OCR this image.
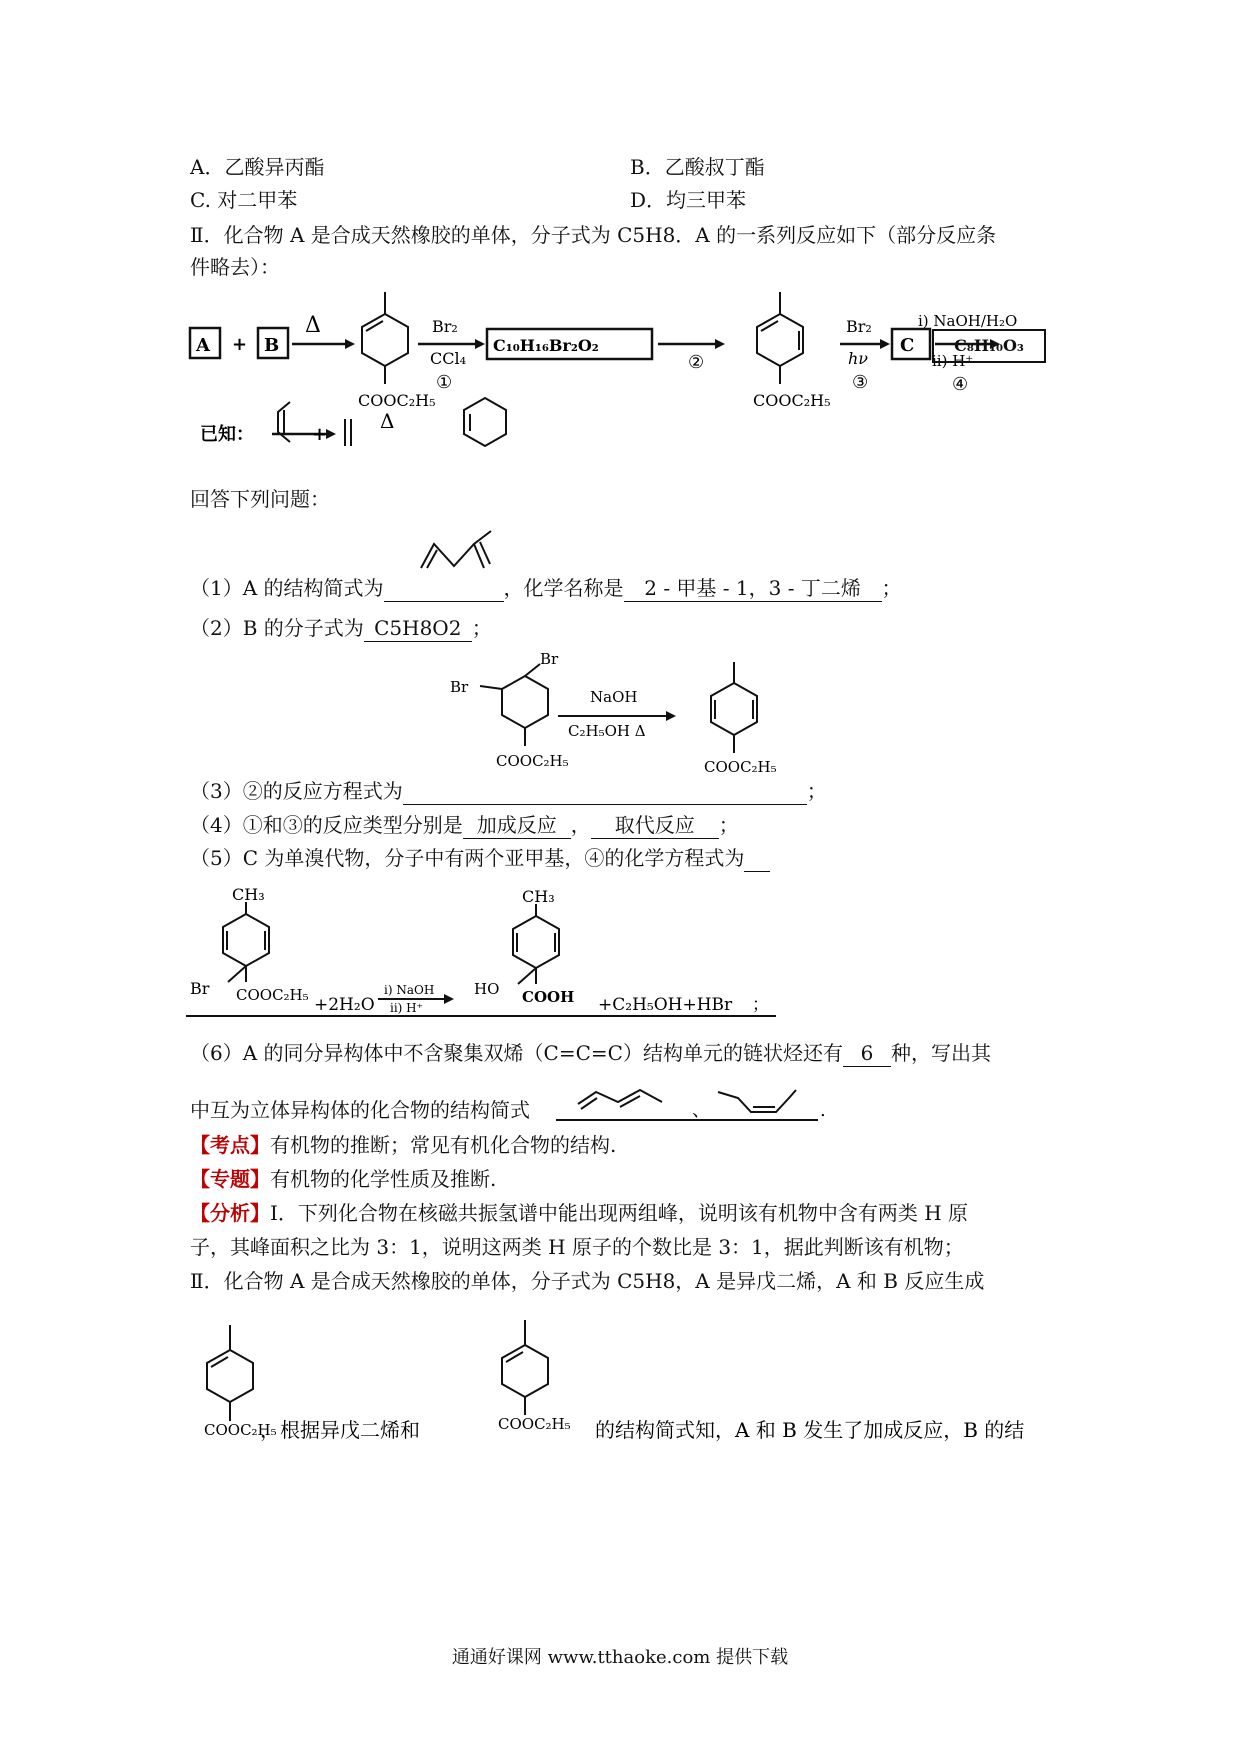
A．乙酸异丙酯	B．乙酸叔丁酯
C. 对二甲苯	D．均三甲苯
Ⅱ．化合物 A 是合成天然橡胶的单体，分子式为 C5H8．A 的一系列反应如下（部分反应条
件略去）：
A	B
+
Δ
COOC₂H₅
Br₂
CCl₄
①
C₁₀H₁₆Br₂O₂
②
COOC₂H₅
Br₂
hν
③
C
i) NaOH/H₂O
ii) H⁺
④
已知：	+
Δ
C₈H₁₀O₃
回答下列问题：
（1）A 的结构简式为	，化学名称是 2 - 甲基 - 1，3 - 丁二烯 ；
（2）B 的分子式为 C5H8O2 ；
Br
Br
COOC₂H₅
NaOH
C₂H₅OH Δ
COOC₂H₅
（3）②的反应方程式为	；
（4）①和③的反应类型分别是 加成反应 ， 取代反应 ；
（5）C 为单溴代物，分子中有两个亚甲基，④的化学方程式为
CH₃
Br COOC₂H₅ +2H₂O
i) NaOH
ii) H⁺
CH₃
HO COOH +C₂H₅OH+HBr ；
（6）A 的同分异构体中不含聚集双烯（C=C=C）结构单元的链状烃还有 6 种，写出其
中互为立体异构体的化合物的结构简式	、	.
【考点】有机物的推断；常见有机化合物的结构.
【专题】有机物的化学性质及推断.
【分析】Ⅰ．下列化合物在核磁共振氢谱中能出现两组峰，说明该有机物中含有两类 H 原
子，其峰面积之比为 3：1，说明这两类 H 原子的个数比是 3：1，据此判断该有机物；
Ⅱ．化合物 A 是合成天然橡胶的单体，分子式为 C5H8，A 是异戊二烯，A 和 B 反应生成
COOC₂H₅
，根据异戊二烯和	COOC₂H₅ 的结构简式知，A 和 B 发生了加成反应，B 的结
通通好课网 www.tthaoke.com 提供下载
